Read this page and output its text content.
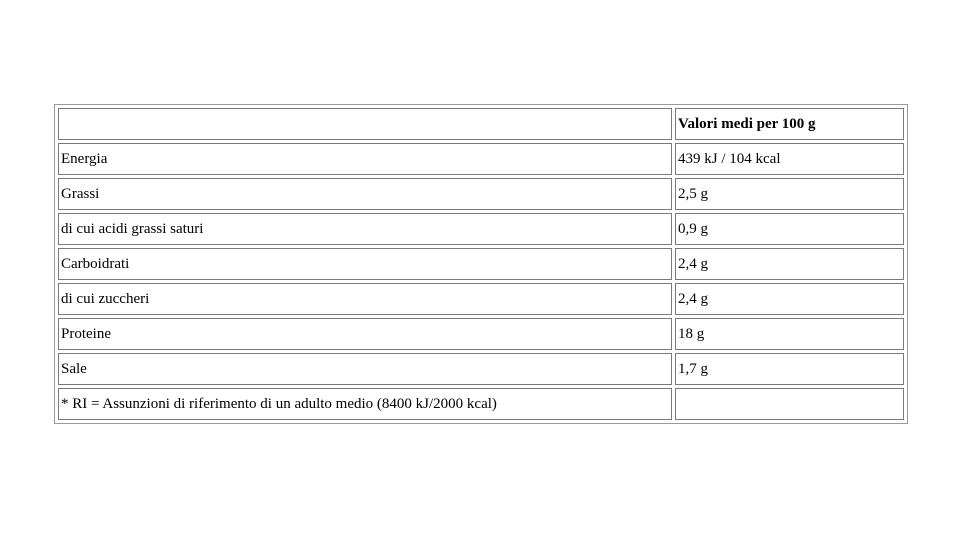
	Valori medi per 100 g
Energia	439 kJ / 104 kcal
Grassi	2,5 g
di cui acidi grassi saturi	0,9 g
Carboidrati	2,4 g
di cui zuccheri	2,4 g
Proteine	18 g
Sale	1,7 g
* RI = Assunzioni di riferimento di un adulto medio (8400 kJ/2000 kcal)	
